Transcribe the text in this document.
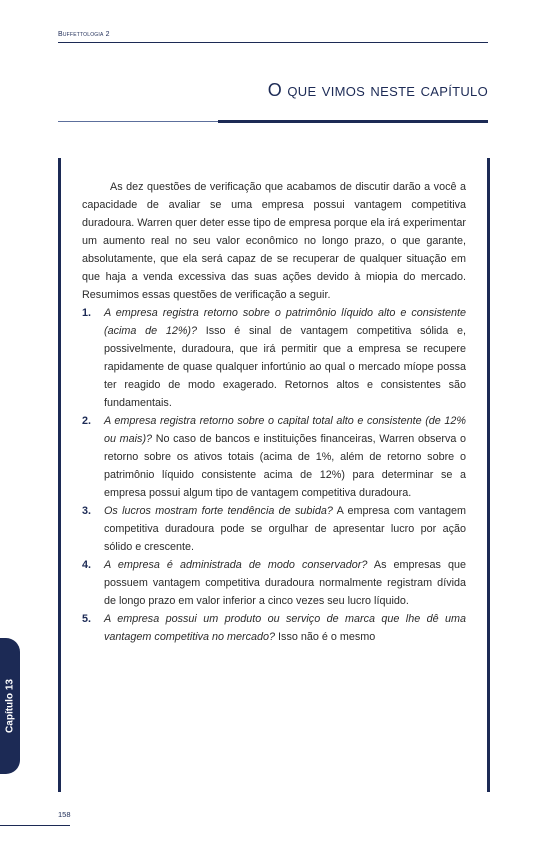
Buffettologia 2
O que vimos neste capítulo

As dez questões de verificação que acabamos de discutir darão a você a capacidade de avaliar se uma empresa possui vantagem competitiva duradoura. Warren quer deter esse tipo de empresa porque ela irá experimentar um aumento real no seu valor econômico no longo prazo, o que garante, absolutamente, que ela será capaz de se recuperar de qualquer situação em que haja a venda excessiva das suas ações devido à miopia do mercado. Resumimos essas questões de verificação a seguir.

1. A empresa registra retorno sobre o patrimônio líquido alto e consistente (acima de 12%)? Isso é sinal de vantagem competitiva sólida e, possivelmente, duradoura, que irá permitir que a empresa se recupere rapidamente de quase qualquer infortúnio ao qual o mercado míope possa ter reagido de modo exagerado. Retornos altos e consistentes são fundamentais.
2. A empresa registra retorno sobre o capital total alto e consistente (de 12% ou mais)? No caso de bancos e instituições financeiras, Warren observa o retorno sobre os ativos totais (acima de 1%, além de retorno sobre o patrimônio líquido consistente acima de 12%) para determinar se a empresa possui algum tipo de vantagem competitiva duradoura.
3. Os lucros mostram forte tendência de subida? A empresa com vantagem competitiva duradoura pode se orgulhar de apresentar lucro por ação sólido e crescente.
4. A empresa é administrada de modo conservador? As empresas que possuem vantagem competitiva duradoura normalmente registram dívida de longo prazo em valor inferior a cinco vezes seu lucro líquido.
5. A empresa possui um produto ou serviço de marca que lhe dê uma vantagem competitiva no mercado? Isso não é o mesmo
Capítulo 13
158
